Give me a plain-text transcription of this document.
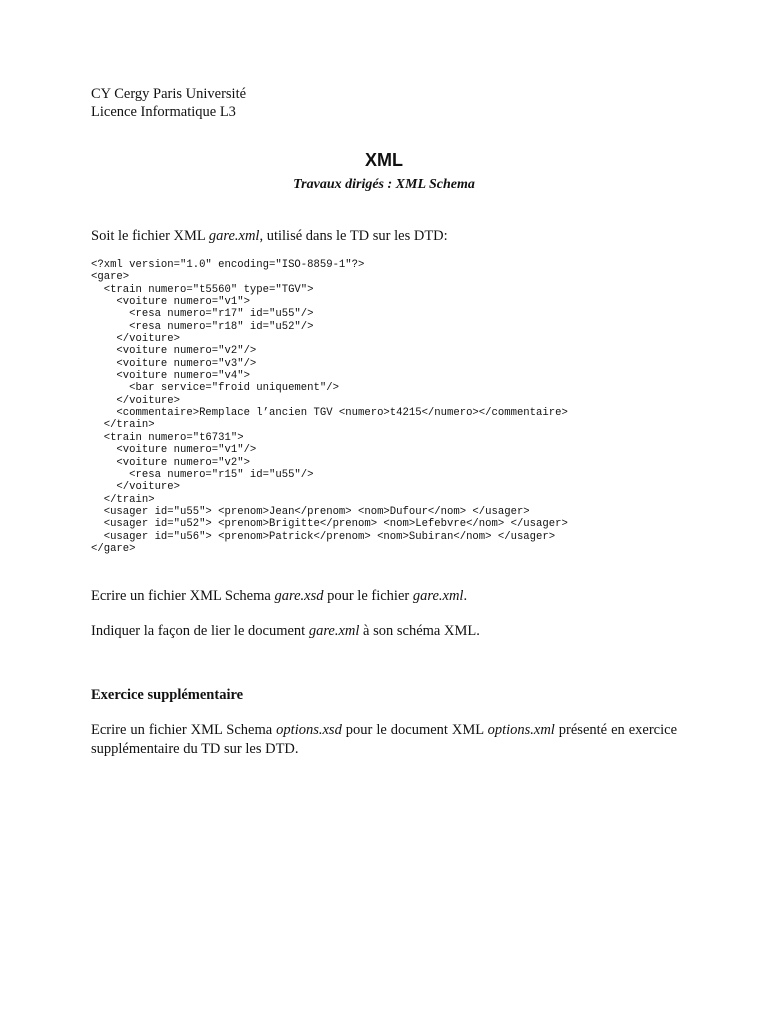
CY Cergy Paris Université
Licence Informatique L3
XML
Travaux dirigés : XML Schema
Soit le fichier XML gare.xml, utilisé dans le TD sur les DTD:
<?xml version="1.0" encoding="ISO-8859-1"?>
<gare>
<train numero="t5560" type="TGV">
<voiture numero="v1">
<resa numero="r17" id="u55"/>
<resa numero="r18" id="u52"/>
</voiture>
<voiture numero="v2"/>
<voiture numero="v3"/>
<voiture numero="v4">
<bar service="froid uniquement"/>
</voiture>
<commentaire>Remplace l’ancien TGV <numero>t4215</numero></commentaire>
</train>
<train numero="t6731">
<voiture numero="v1"/>
<voiture numero="v2">
<resa numero="r15" id="u55"/>
</voiture>
</train>
<usager id="u55"> <prenom>Jean</prenom> <nom>Dufour</nom> </usager>
<usager id="u52"> <prenom>Brigitte</prenom> <nom>Lefebvre</nom> </usager>
<usager id="u56"> <prenom>Patrick</prenom> <nom>Subiran</nom> </usager>
</gare>
Ecrire un fichier XML Schema gare.xsd pour le fichier gare.xml.
Indiquer la façon de lier le document gare.xml à son schéma XML.
Exercice supplémentaire
Ecrire un fichier XML Schema options.xsd pour le document XML options.xml présenté en exercice supplémentaire du TD sur les DTD.
